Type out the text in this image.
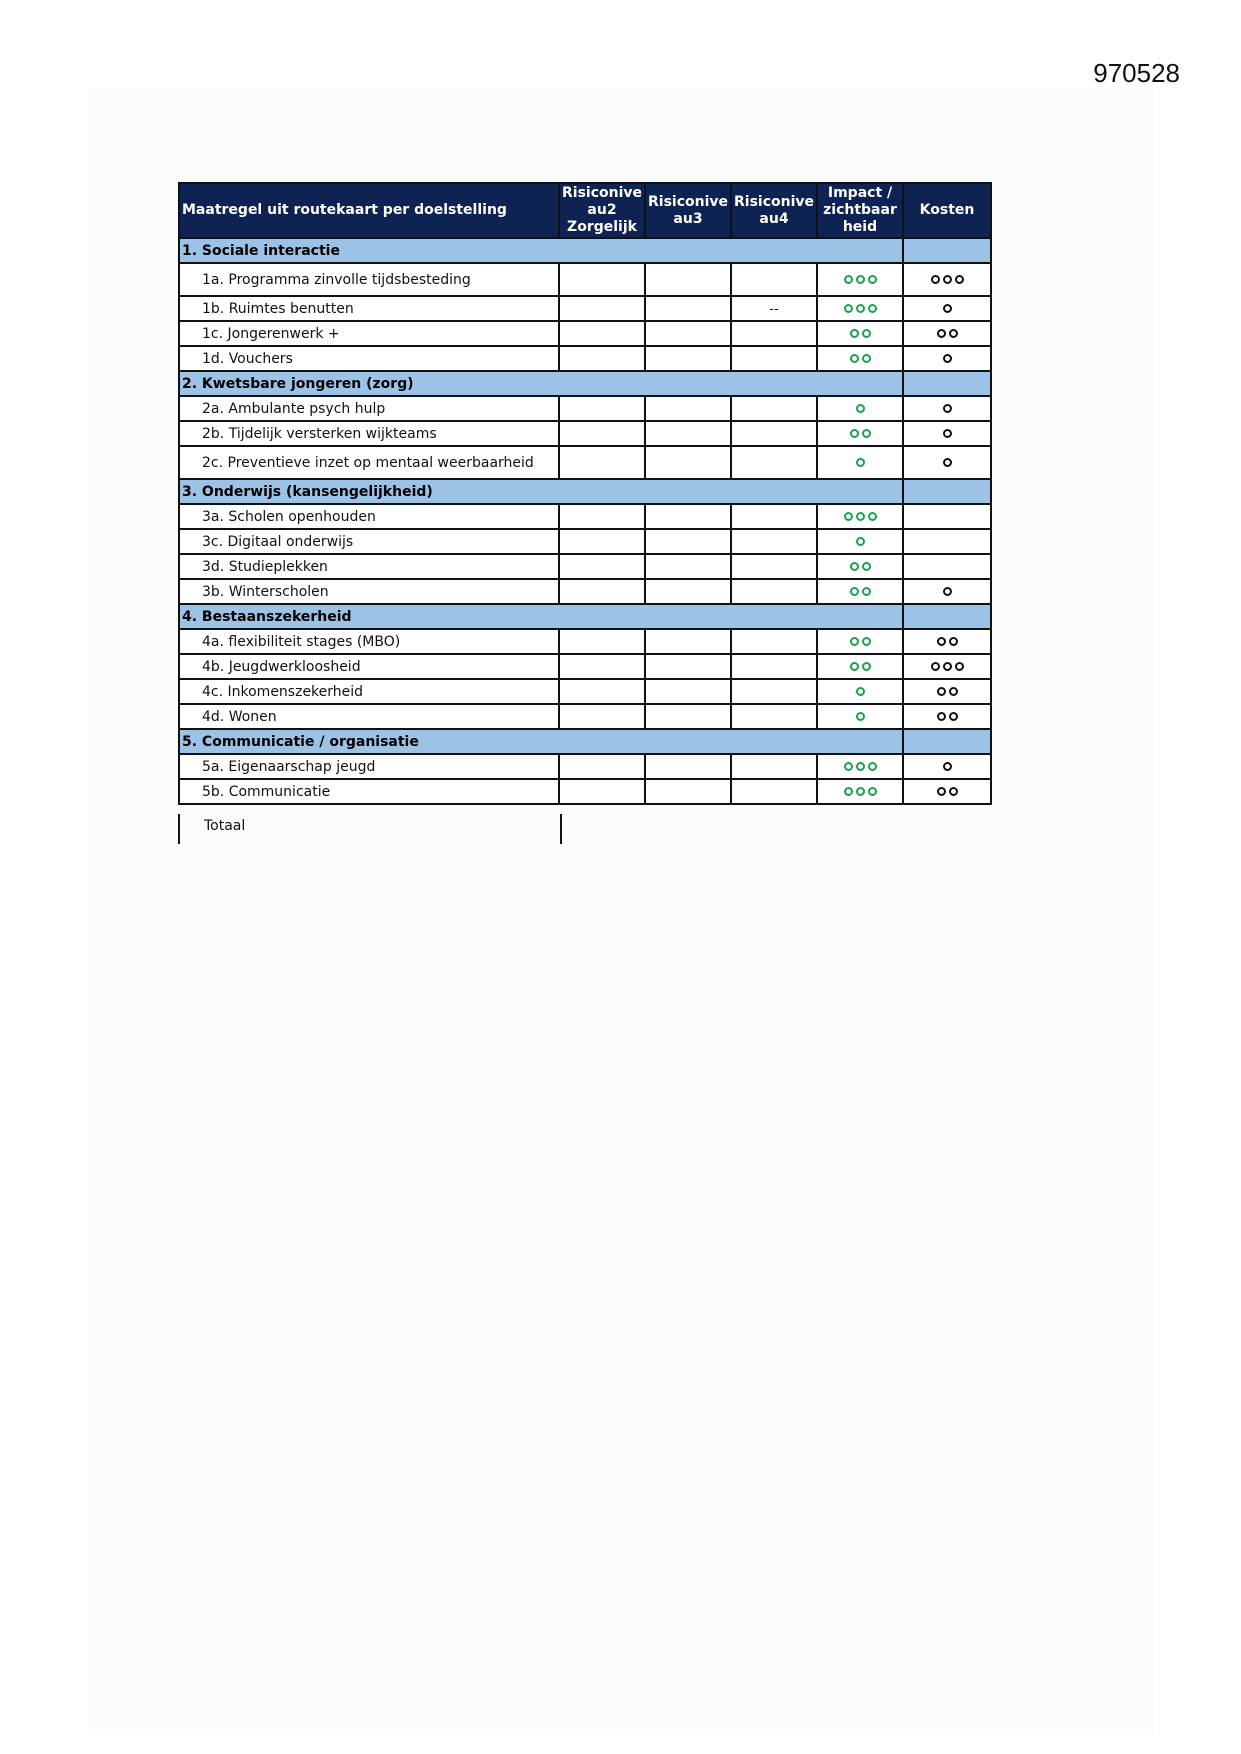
970528
Maatregel uit routekaart per doelstelling	Risiconive au2 Zorgelijk	Risiconive au3	Risiconive au4	Impact / zichtbaar heid	Kosten
1. Sociale interactie					
1a. Programma zinvolle tijdsbesteding				

1b. Ruimtes benutten			--	

1c. Jongerenwerk +				

1d. Vouchers				

2. Kwetsbare jongeren (zorg)					
2a. Ambulante psych hulp				

2b. Tijdelijk versterken wijkteams				

2c. Preventieve inzet op mentaal weerbaarheid				

3. Onderwijs (kansengelijkheid)					
3a. Scholen openhouden				

3c. Digitaal onderwijs				

3d. Studieplekken				

3b. Winterscholen				

4. Bestaanszekerheid					
4a. flexibiliteit stages (MBO)				

4b. Jeugdwerkloosheid				

4c. Inkomenszekerheid				

4d. Wonen				

5. Communicatie / organisatie					
5a. Eigenaarschap jeugd				

5b. Communicatie				

Totaal
